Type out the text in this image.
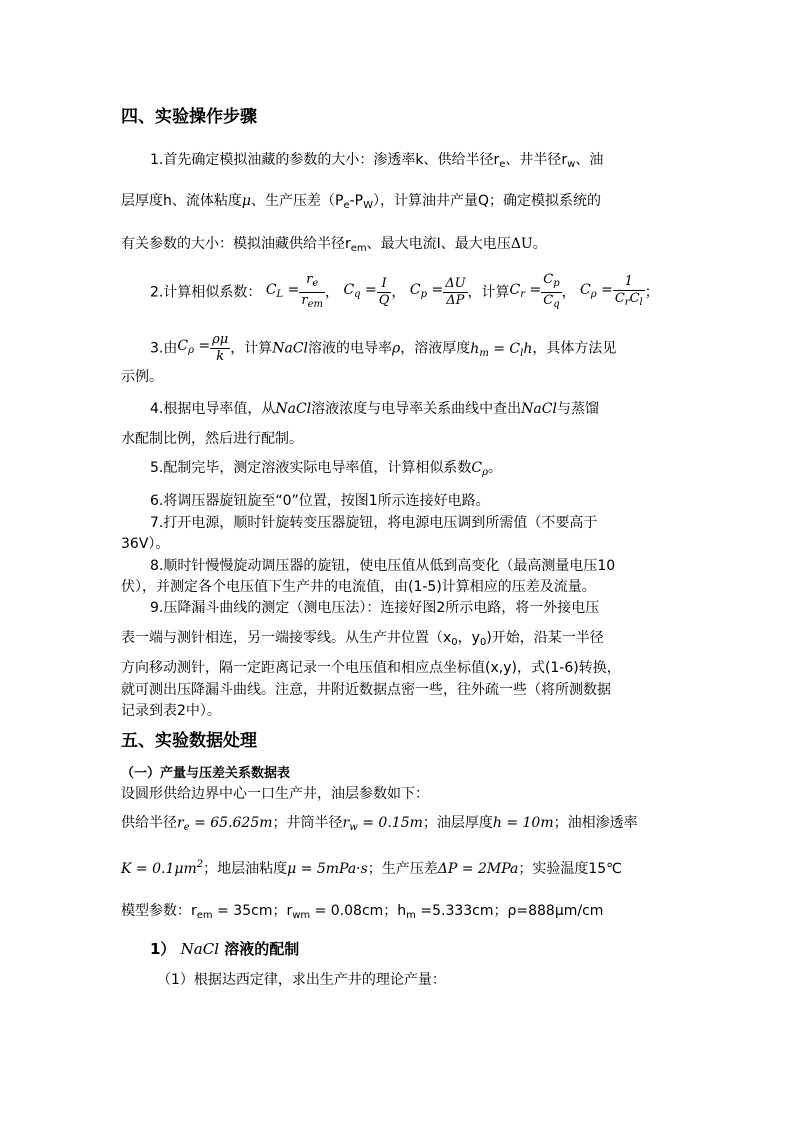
四、实验操作步骤
1.首先确定模拟油藏的参数的大小：渗透率k、供给半径$r_e$、井半径$r_w$、油
层厚度h、流体粘度μ、生产压差$(P_e-P_W)$，计算油井产量Q；确定模拟系统的
有关参数的大小：模拟油藏供给半径$r_{em}$、最大电流I、最大电压ΔU。
2.计算相似系数： $C_L = \frac{r_e}{r_{em}}$ ， $C_q = \frac{I}{Q}$ ， $C_p = \frac{\Delta U}{\Delta P}$ ，计算$C_r = \frac{C_p}{C_q}$ ， $C_\rho = \frac{1}{C_rC_l}$ ；
3.由$C_\rho = \frac{\rho\mu}{k}$ ，计算NaCl溶液的电导率ρ，溶液厚度$h_m = C_lh$，具体方法见
示例。
4.根据电导率值，从NaCl溶液浓度与电导率关系曲线中查出NaCl与蒸馏
水配制比例，然后进行配制。
5.配制完毕，测定溶液实际电导率值，计算相似系数$C_\rho$。
6.将调压器旋钮旋至“0”位置，按图1所示连接好电路。
7.打开电源，顺时针旋转变压器旋钮，将电源电压调到所需值（不要高于
36V）。
8.顺时针慢慢旋动调压器的旋钮，使电压值从低到高变化（最高测量电压10
伏），并测定各个电压值下生产井的电流值，由(1-5)计算相应的压差及流量。
9.压降漏斗曲线的测定（测电压法）：连接好图2所示电路，将一外接电压
表一端与测针相连，另一端接零线。从生产井位置（$x_0$，$y_0$)开始，沿某一半径
方向移动测针，隔一定距离记录一个电压值和相应点坐标值(x,y)，式(1-6)转换，
就可测出压降漏斗曲线。注意，井附近数据点密一些，往外疏一些（将所测数据
记录到表2中）。
五、实验数据处理
（一）产量与压差关系数据表
设圆形供给边界中心一口生产井，油层参数如下：
供给半径$r_e = 65.625m$；井筒半径$r_w = 0.15m$；油层厚度h = 10m；油相渗透率
$K = 0.1\mu m^2$；地层油粘度μ = 5mPa·s；生产压差ΔP = 2MPa；实验温度15℃
模型参数：$r_{em} = 35cm$；$r_{wm} = 0.08cm$；$h_m =5.333cm$；ρ=888μm/cm
1） NaCl 溶液的配制
（1）根据达西定律，求出生产井的理论产量：
